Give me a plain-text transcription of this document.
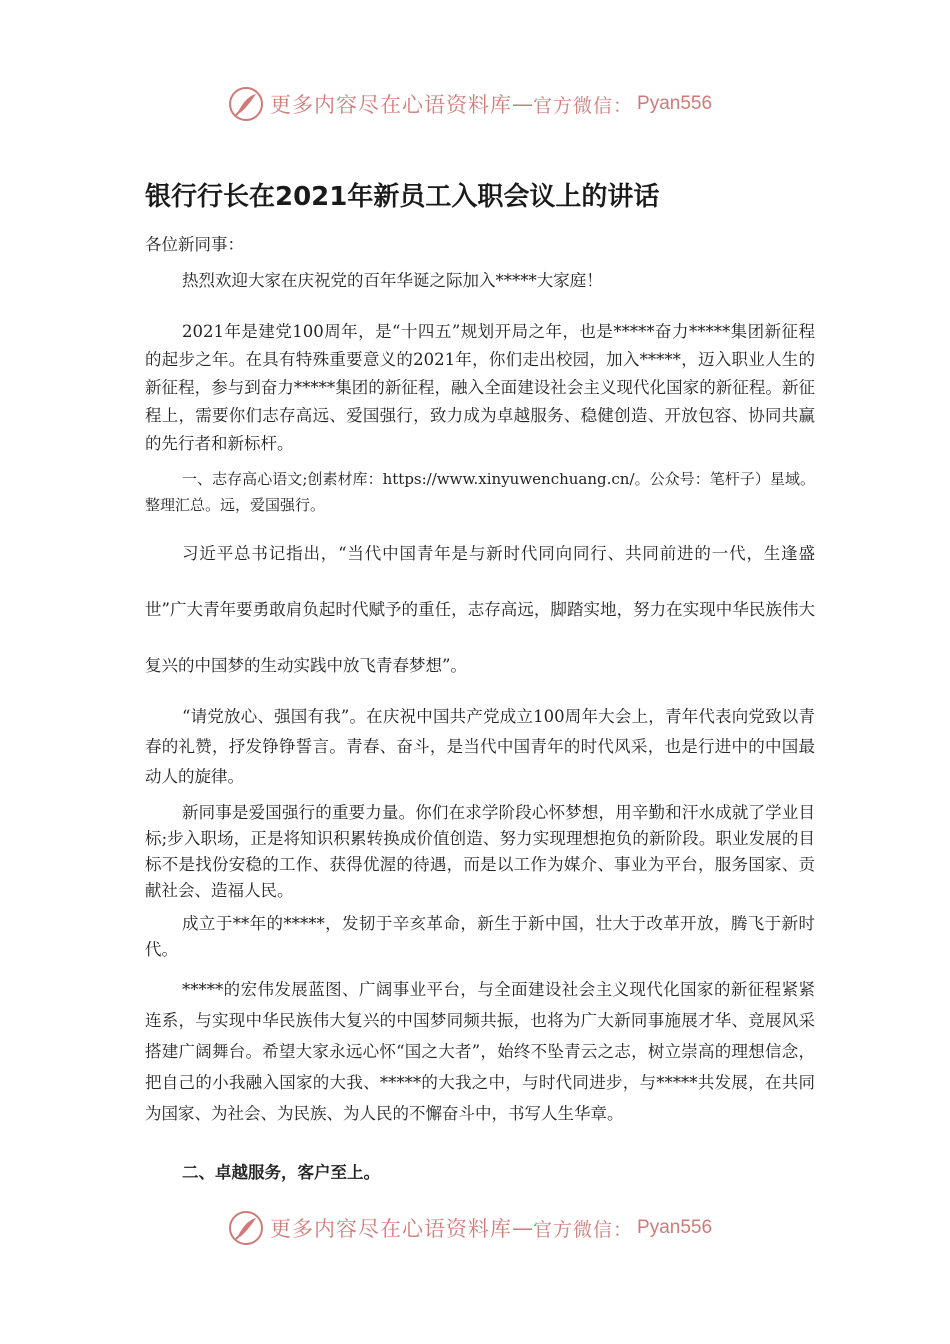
更多内容尽在心语资料库 — 官方微信： Pyan556
银行行长在2021年新员工入职会议上的讲话

各位新同事：

热烈欢迎大家在庆祝党的百年华诞之际加入*****大家庭！

2021年是建党100周年，是“十四五”规划开局之年，也是*****奋力*****集团新征程的起步之年。在具有特殊重要意义的2021年，你们走出校园，加入*****，迈入职业人生的新征程，参与到奋力*****集团的新征程，融入全面建设社会主义现代化国家的新征程。新征程上，需要你们志存高远、爱国强行，致力成为卓越服务、稳健创造、开放包容、协同共赢的先行者和新标杆。

一、志存高心语文;创素材库：https://www.xinyuwenchuang.cn/。公众号：笔杆子）星域。整理汇总。远，爱国强行。

习近平总书记指出，“当代中国青年是与新时代同向同行、共同前进的一代，生逢盛世”广大青年要勇敢肩负起时代赋予的重任，志存高远，脚踏实地，努力在实现中华民族伟大复兴的中国梦的生动实践中放飞青春梦想”。

“请党放心、强国有我”。在庆祝中国共产党成立100周年大会上，青年代表向党致以青春的礼赞，抒发铮铮誓言。青春、奋斗，是当代中国青年的时代风采，也是行进中的中国最动人的旋律。

新同事是爱国强行的重要力量。你们在求学阶段心怀梦想，用辛勤和汗水成就了学业目标;步入职场，正是将知识积累转换成价值创造、努力实现理想抱负的新阶段。职业发展的目标不是找份安稳的工作、获得优渥的待遇，而是以工作为媒介、事业为平台，服务国家、贡献社会、造福人民。

成立于**年的*****，发韧于辛亥革命，新生于新中国，壮大于改革开放，腾飞于新时代。

*****的宏伟发展蓝图、广阔事业平台，与全面建设社会主义现代化国家的新征程紧紧连系，与实现中华民族伟大复兴的中国梦同频共振，也将为广大新同事施展才华、竞展风采搭建广阔舞台。希望大家永远心怀“国之大者”，始终不坠青云之志，树立崇高的理想信念，把自己的小我融入国家的大我、*****的大我之中，与时代同进步，与*****共发展，在共同为国家、为社会、为民族、为人民的不懈奋斗中，书写人生华章。

二、卓越服务，客户至上。

更多内容尽在心语资料库 — 官方微信： Pyan556
